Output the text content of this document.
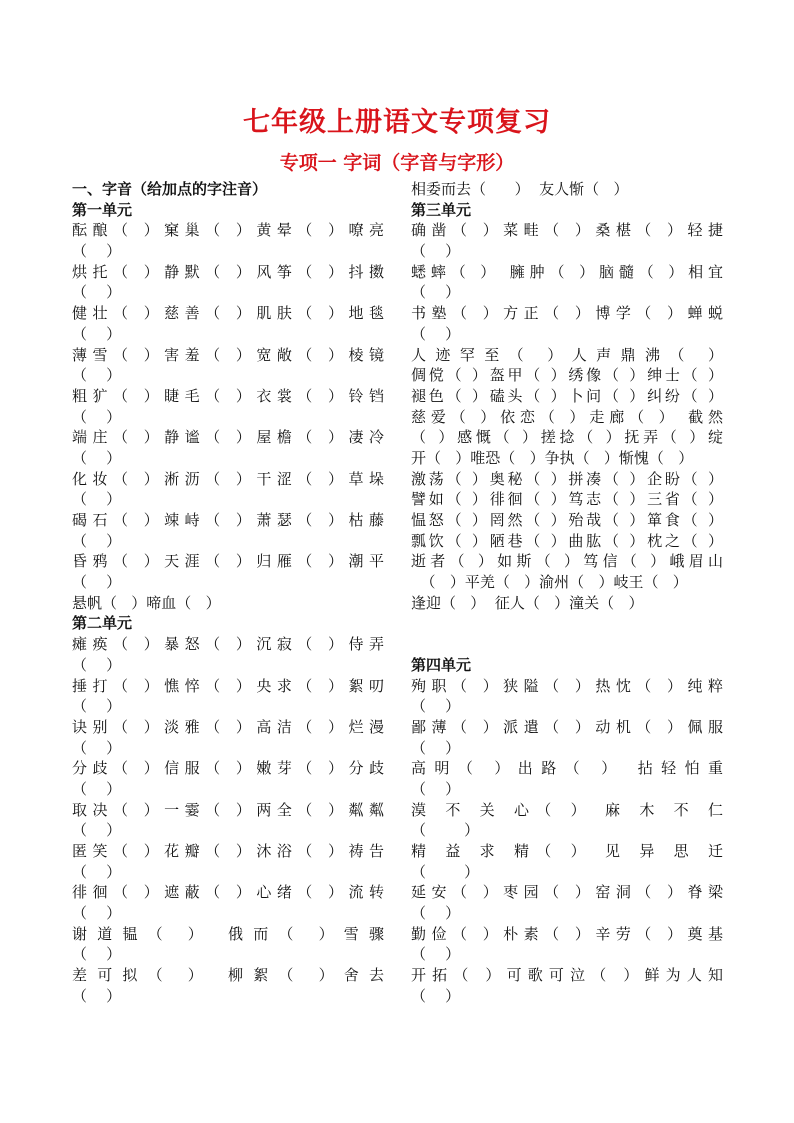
七年级上册语文专项复习
专项一 字词（字音与字形）
一、字音（给加点的字注音）
第一单元
酝酿（ ）窠巢（ ）黄晕（ ）嘹亮
（    ）
烘托（ ）静默（ ）风筝（ ）抖擞
（    ）
健壮（ ）慈善（ ）肌肤（ ）地毯
（    ）
薄雪（ ）害羞（ ）宽敞（ ）棱镜
（    ）
粗犷（ ）睫毛（ ）衣裳（ ）铃铛
（    ）
端庄（ ）静谧（ ）屋檐（ ）凄冷
（    ）
化妆（ ）淅沥（ ）干涩（ ）草垛
（    ）
碣石（ ）竦峙（ ）萧瑟（ ）枯藤
（    ）
昏鸦（ ）天涯（ ）归雁（ ）潮平
（    ）
悬帆（   ）啼血（   ）
第二单元
瘫痪（ ）暴怒（ ）沉寂（ ）侍弄
（    ）
捶打（ ）憔悴（ ）央求（ ）絮叨
（    ）
诀别（ ）淡雅（ ）高洁（ ）烂漫
（    ）
分歧（ ）信服（ ）嫩芽（ ）分歧
（    ）
取决（ ）一霎（ ）两全（ ）粼粼
（    ）
匿笑（ ）花瓣（ ）沐浴（ ）祷告
（    ）
徘徊（ ）遮蔽（ ）心绪（ ）流转
（    ）
谢道韫（ ） 俄而（ ）雪骤
（    ）
差可拟（ ） 柳絮（ ）舍去
（    ）
相委而去（      ）  友人惭（   ）
第三单元
确凿（ ）菜畦（ ）桑椹（ ）轻捷
（    ）
蟋蟀（ ） 臃肿（ ）脑髓（ ）相宜
（    ）
书塾（ ）方正（ ）博学（ ）蝉蜕
（    ）
人迹罕至（ ）人声鼎沸（ ）
倜傥（ ）盔甲（ ）绣像（ ）绅士（ ）
褪色（ ）磕头（ ）卜问（ ）纠纷（ ）
慈爱（ ）依恋（ ）走廊（ ） 截然
（ ）感慨（ ）搓捻（ ）抚弄（ ）绽
开（   ）唯恐（   ）争执（   ）惭愧（   ）
激荡（ ）奥秘（ ）拼凑（ ）企盼（ ）
譬如（ ）徘徊（ ）笃志（ ）三省（ ）
愠怒（ ）罔然（ ）殆哉（ ）箪食（ ）
瓢饮（ ）陋巷（ ）曲肱（ ）枕之（ ）
逝者（ ）如斯（ ）笃信（ ）峨眉山
（   ）平羌（   ）渝州（   ）岐王（   ）
逢迎（   ）  征人（   ）潼关（   ）
第四单元
殉职（ ）狭隘（ ）热忱（ ）纯粹
（    ）
鄙薄（ ）派遣（ ）动机（ ）佩服
（    ）
高明（ ）出路（ ） 拈轻怕重
（    ）
漠 不 关 心（ ） 麻 木 不 仁
（        ）
精 益 求 精（ ） 见 异 思 迁
（        ）
延安（ ）枣园（ ）窑洞（ ）脊梁
（    ）
勤俭（ ）朴素（ ）辛劳（ ）奠基
（    ）
开拓（ ）可歌可泣（ ）鲜为人知
（    ）
